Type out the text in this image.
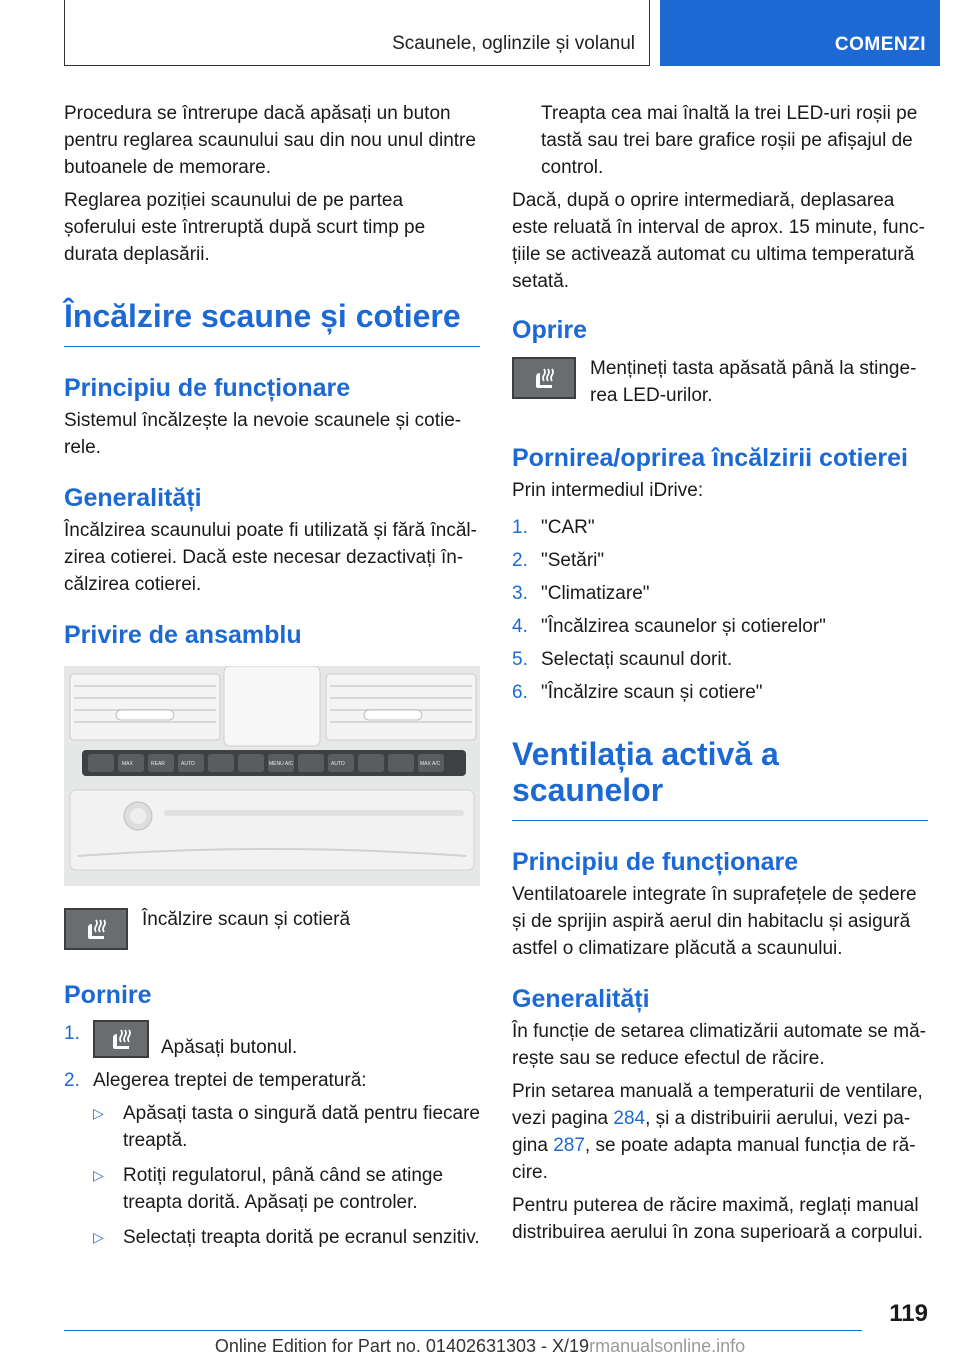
Scaunele, oglinzile și volanul	COMENZI

Procedura se întrerupe dacă apăsați un buton pentru reglarea scaunului sau din nou unul dintre butoanele de memorare.

Reglarea poziției scaunului de pe partea șoferului este întreruptă după scurt timp pe durata deplasării.

Încălzire scaune și cotiere
Principiu de funcționare

Sistemul încălzește la nevoie scaunele și cotierele.

Generalități

Încălzirea scaunului poate fi utilizată și fără încălzirea cotierei. Dacă este necesar dezactivați încălzirea cotierei.

Privire de ansamblu
MAX	REAR	AUTO	MENU A/C	AUTO	MAX A/C

Încălzire scaun și cotieră

Pornire
1.
Apăsați butonul.
2. Alegerea treptei de temperatură:
▷	Apăsați tasta o singură dată pentru fiecare treaptă.
▷	Rotiți regulatorul, până când se atinge treapta dorită. Apăsați pe controler.
▷	Selectați treapta dorită pe ecranul senzitiv.

Treapta cea mai înaltă la trei LED-uri roșii pe tastă sau trei bare grafice roșii pe afișajul de control.

Dacă, după o oprire intermediară, deplasarea este reluată în interval de aprox. 15 minute, funcțiile se activează automat cu ultima temperatură setată.

Oprire

Mențineți tasta apăsată până la stingerea LED-urilor.

Pornirea/oprirea încălzirii cotierei

Prin intermediul iDrive:

1. "CAR"
2. "Setări"
3. "Climatizare"
4. "Încălzirea scaunelor și cotierelor"
5. Selectați scaunul dorit.
6. "Încălzire scaun și cotiere"
Ventilația activă a scaunelor
Principiu de funcționare

Ventilatoarele integrate în suprafețele de ședere și de sprijin aspiră aerul din habitaclu și asigură astfel o climatizare plăcută a scaunului.

Generalități

În funcție de setarea climatizării automate se mărește sau se reduce efectul de răcire.

Prin setarea manuală a temperaturii de ventilare, vezi pagina 284, și a distribuirii aerului, vezi pagina 287, se poate adapta manual funcția de răcire.

Pentru puterea de răcire maximă, reglați manual distribuirea aerului în zona superioară a corpului.

119
Online Edition for Part no. 01402631303 - X/19rmanualsonline.info
